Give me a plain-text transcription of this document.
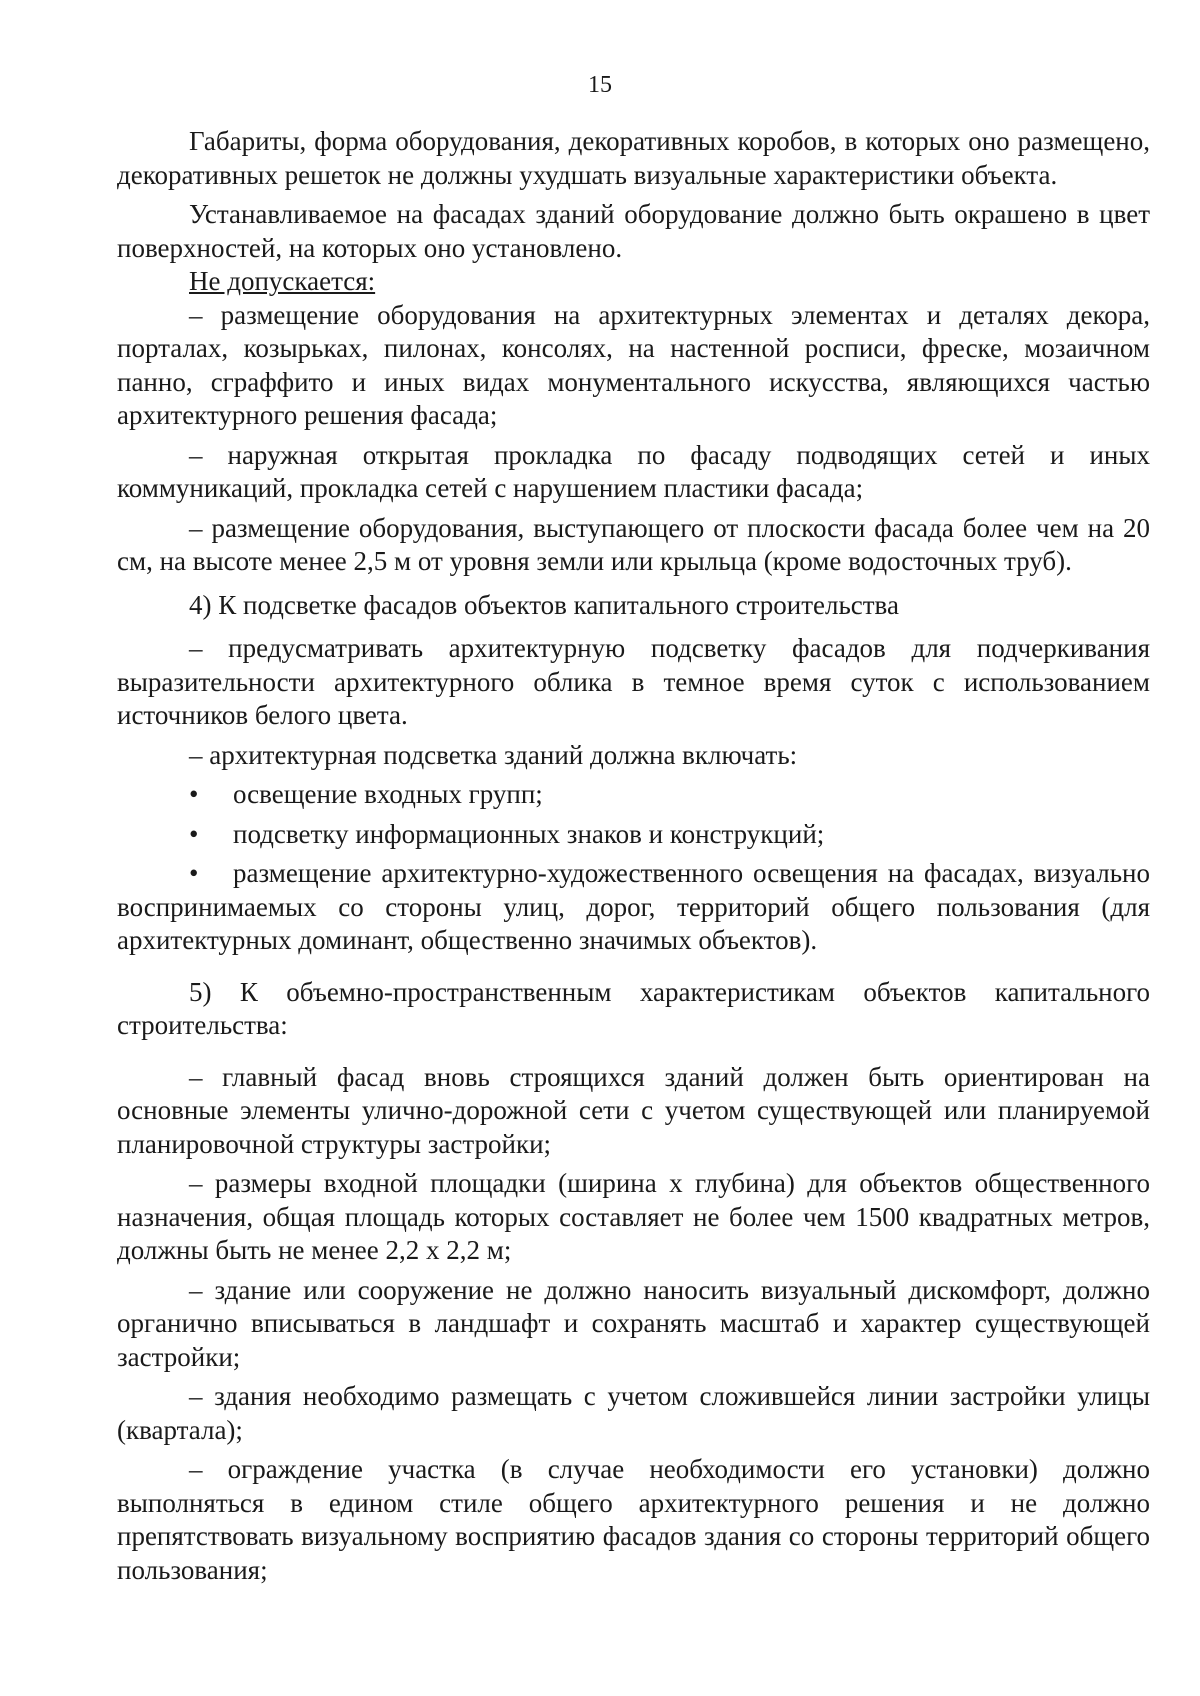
15

Габариты, форма оборудования, декоративных коробов, в которых оно размещено, декоративных решеток не должны ухудшать визуальные характеристики объекта.

Устанавливаемое на фасадах зданий оборудование должно быть окрашено в цвет поверхностей, на которых оно установлено.

Не допускается:

– размещение оборудования на архитектурных элементах и деталях декора, порталах, козырьках, пилонах, консолях, на настенной росписи, фреске, мозаичном панно, сграффито и иных видах монументального искусства, являющихся частью архитектурного решения фасада;

– наружная открытая прокладка по фасаду подводящих сетей и иных коммуникаций, прокладка сетей с нарушением пластики фасада;

– размещение оборудования, выступающего от плоскости фасада более чем на 20 см, на высоте менее 2,5 м от уровня земли или крыльца (кроме водосточных труб).

4) К подсветке фасадов объектов капитального строительства

– предусматривать архитектурную подсветку фасадов для подчеркивания выразительности архитектурного облика в темное время суток с использованием источников белого цвета.

– архитектурная подсветка зданий должна включать:

• освещение входных групп;

• подсветку информационных знаков и конструкций;

• размещение архитектурно-художественного освещения на фасадах, визуально воспринимаемых со стороны улиц, дорог, территорий общего пользования (для архитектурных доминант, общественно значимых объектов).

5) К объемно-пространственным характеристикам объектов капитального строительства:

– главный фасад вновь строящихся зданий должен быть ориентирован на основные элементы улично-дорожной сети с учетом существующей или планируемой планировочной структуры застройки;

– размеры входной площадки (ширина х глубина) для объектов общественного назначения, общая площадь которых составляет не более чем 1500 квадратных метров, должны быть не менее 2,2 х 2,2 м;

– здание или сооружение не должно наносить визуальный дискомфорт, должно органично вписываться в ландшафт и сохранять масштаб и характер существующей застройки;

– здания необходимо размещать с учетом сложившейся линии застройки улицы (квартала);

– ограждение участка (в случае необходимости его установки) должно выполняться в едином стиле общего архитектурного решения и не должно препятствовать визуальному восприятию фасадов здания со стороны территорий общего пользования;
